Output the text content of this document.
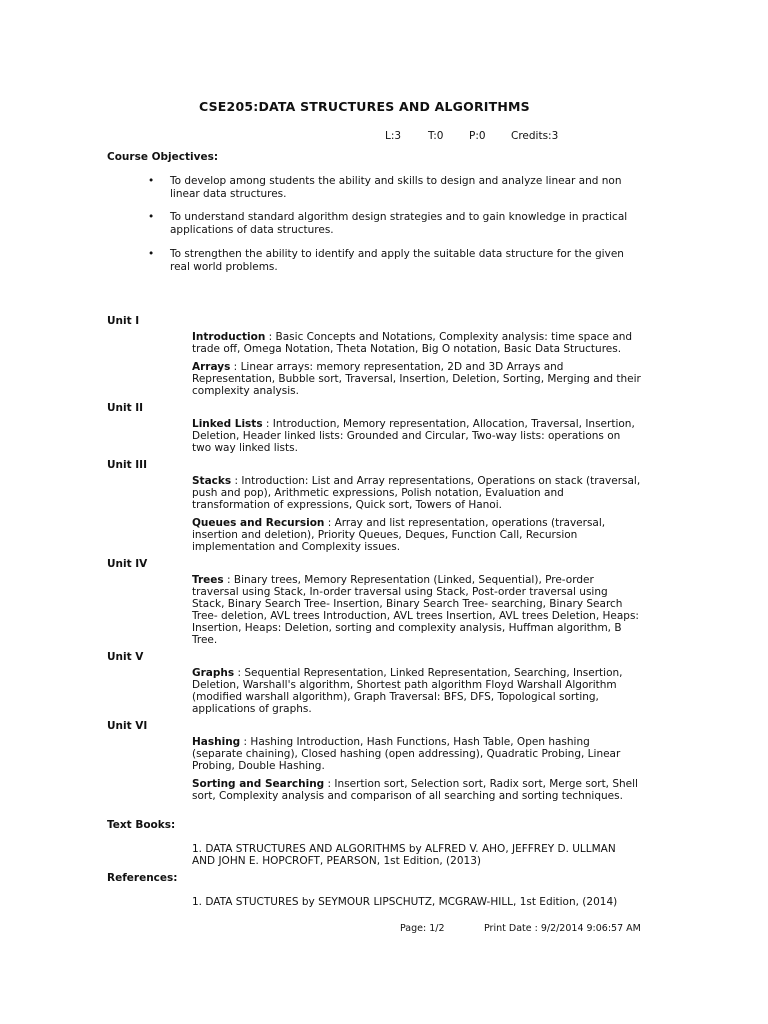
CSE205:DATA STRUCTURES AND ALGORITHMS
L:3	T:0 P:0 Credits:3
Course Objectives:
• To develop among students the ability and skills to design and analyze linear and non linear data structures.
• To understand standard algorithm design strategies and to gain knowledge in practical applications of data structures.
• To strengthen the ability to identify and apply the suitable data structure for the given real world problems.
Unit I
Introduction : Basic Concepts and Notations, Complexity analysis: time space and trade off, Omega Notation, Theta Notation, Big O notation, Basic Data Structures.
Arrays : Linear arrays: memory representation, 2D and 3D Arrays and Representation, Bubble sort, Traversal, Insertion, Deletion, Sorting, Merging and their complexity analysis.
Unit II
Linked Lists : Introduction, Memory representation, Allocation, Traversal, Insertion, Deletion, Header linked lists: Grounded and Circular, Two-way lists: operations on two way linked lists.
Unit III
Stacks : Introduction: List and Array representations, Operations on stack (traversal, push and pop), Arithmetic expressions, Polish notation, Evaluation and transformation of expressions, Quick sort, Towers of Hanoi.
Queues and Recursion : Array and list representation, operations (traversal, insertion and deletion), Priority Queues, Deques, Function Call, Recursion implementation and Complexity issues.
Unit IV
Trees : Binary trees, Memory Representation (Linked, Sequential), Pre-order traversal using Stack, In-order traversal using Stack, Post-order traversal using Stack, Binary Search Tree- Insertion, Binary Search Tree- searching, Binary Search Tree- deletion, AVL trees Introduction, AVL trees Insertion, AVL trees Deletion, Heaps: Insertion, Heaps: Deletion, sorting and complexity analysis, Huffman algorithm, B Tree.
Unit V
Graphs : Sequential Representation, Linked Representation, Searching, Insertion, Deletion, Warshall's algorithm, Shortest path algorithm Floyd Warshall Algorithm (modified warshall algorithm), Graph Traversal: BFS, DFS, Topological sorting, applications of graphs.
Unit VI
Hashing : Hashing Introduction, Hash Functions, Hash Table, Open hashing (separate chaining), Closed hashing (open addressing), Quadratic Probing, Linear Probing, Double Hashing.
Sorting and Searching : Insertion sort, Selection sort, Radix sort, Merge sort, Shell sort, Complexity analysis and comparison of all searching and sorting techniques.
Text Books:
1. DATA STRUCTURES AND ALGORITHMS by ALFRED V. AHO, JEFFREY D. ULLMAN AND JOHN E. HOPCROFT, PEARSON, 1st Edition, (2013)
References:
1. DATA STUCTURES by SEYMOUR LIPSCHUTZ, MCGRAW-HILL, 1st Edition, (2014)
Page: 1/2	Print Date : 9/2/2014 9:06:57 AM
